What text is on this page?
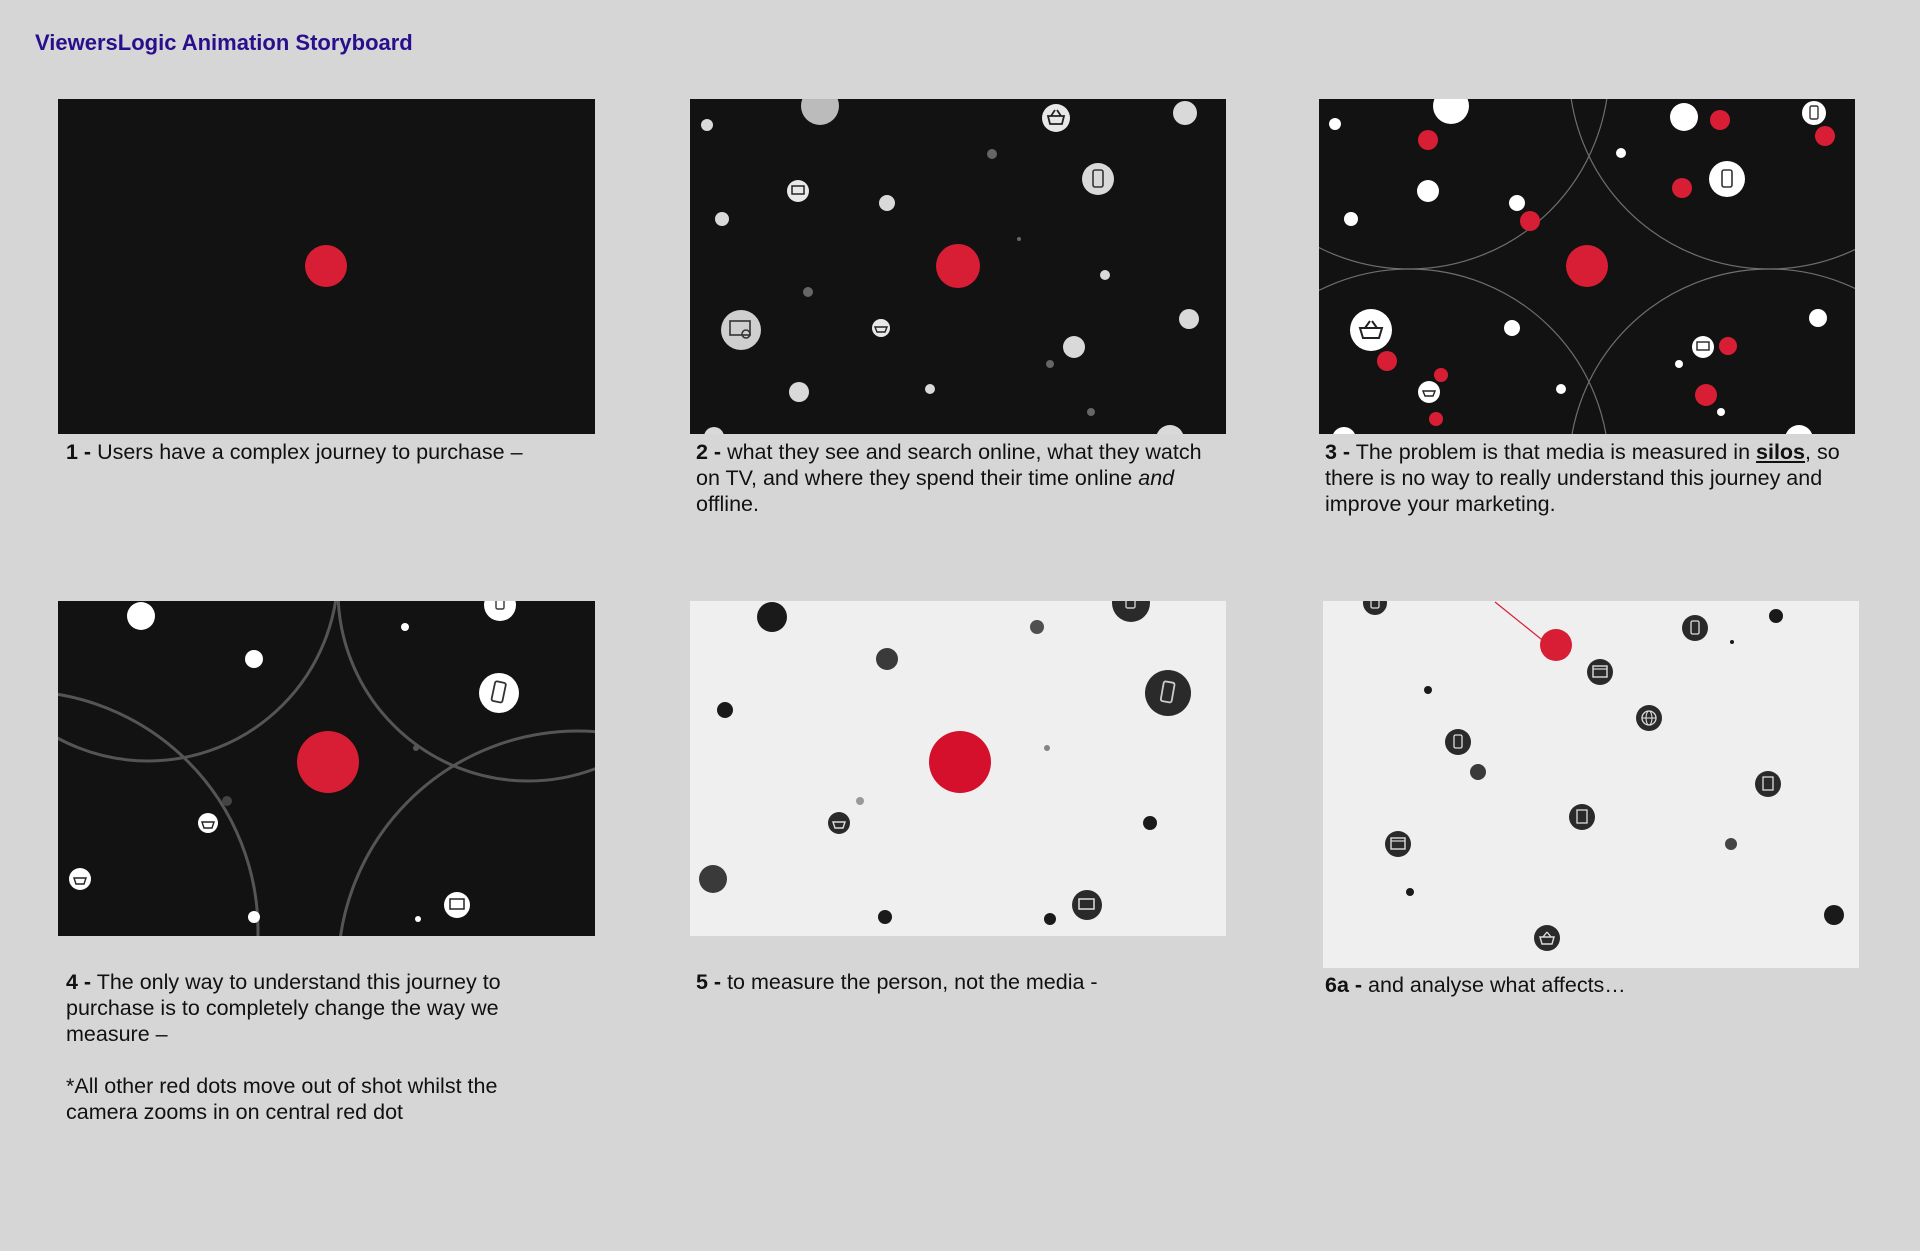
ViewersLogic Animation Storyboard
1 - Users have a complex journey to purchase –	2 - what they see and search online, what they watch on TV, and where they spend their time online and offline.
3 - The problem is that media is measured in silos, so there is no way to really understand this journey and improve your marketing.
4 - The only way to understand this journey to purchase is to completely change the way we measure –
*All other red dots move out of shot whilst the camera zooms in on central red dot
5 - to measure the person, not the media -	6a - and analyse what affects…
